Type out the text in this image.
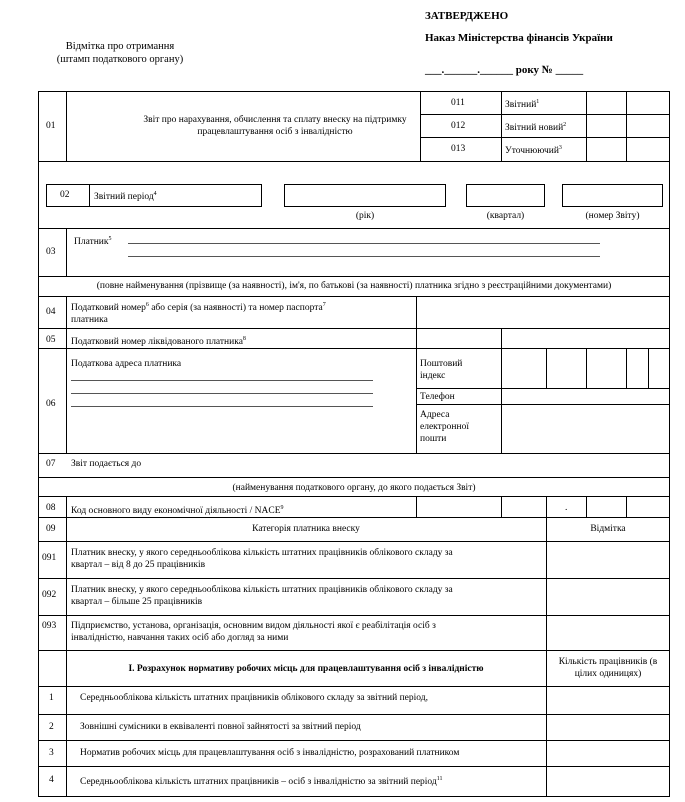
Відмітка про отримання
(штамп податкового органу)
ЗАТВЕРДЖЕНО
Наказ Міністерства фінансів України
___.______.______ року № _____
01
Звіт про нарахування, обчислення та сплату внеску на підтримку працевлаштування осіб з інвалідністю
011	Звітний$^1$
012	Звітний новий$^2$
013	Уточнюючий$^3$
02	Звітний період$^4$
(рік)	(квартал)	(номер Звіту)
03
Платник$^5$
(повне найменування (прізвище (за наявності), ім'я, по батькові (за наявності) платника згідно з реєстраційними документами)
04 Податковий номер$^6$ або серія (за наявності) та номер паспорта$^7$
платника
05 Податковий номер ліквідованого платника$^8$
06
Податкова адреса платника	Поштовий індекс
Телефон
Адреса електронної пошти
07 Звіт подається до
(найменування податкового органу, до якого подається Звіт)
08 Код основного виду економічної діяльності / NACE$^9$	.
09	Категорія платника внеску	Відмітка
091 Платник внеску, у якого середньооблікова кількість штатних працівників облікового складу за квартал – від 8 до 25 працівників
092 Платник внеску, у якого середньооблікова кількість штатних працівників облікового складу за квартал – більше 25 працівників
093 Підприємство, установа, організація, основним видом діяльності якої є реабілітація осіб з інвалідністю, навчання таких осіб або догляд за ними
І. Розрахунок нормативу робочих місць для працевлаштування осіб з інвалідністю
Кількість працівників (в цілих одиницях)
1	Середньооблікова кількість штатних працівників облікового складу за звітний період,
2	Зовнішні сумісники в еквіваленті повної зайнятості за звітний період
3	Норматив робочих місць для працевлаштування осіб з інвалідністю, розрахований платником
4	Середньооблікова кількість штатних працівників – осіб з інвалідністю за звітний період$^{11}$
